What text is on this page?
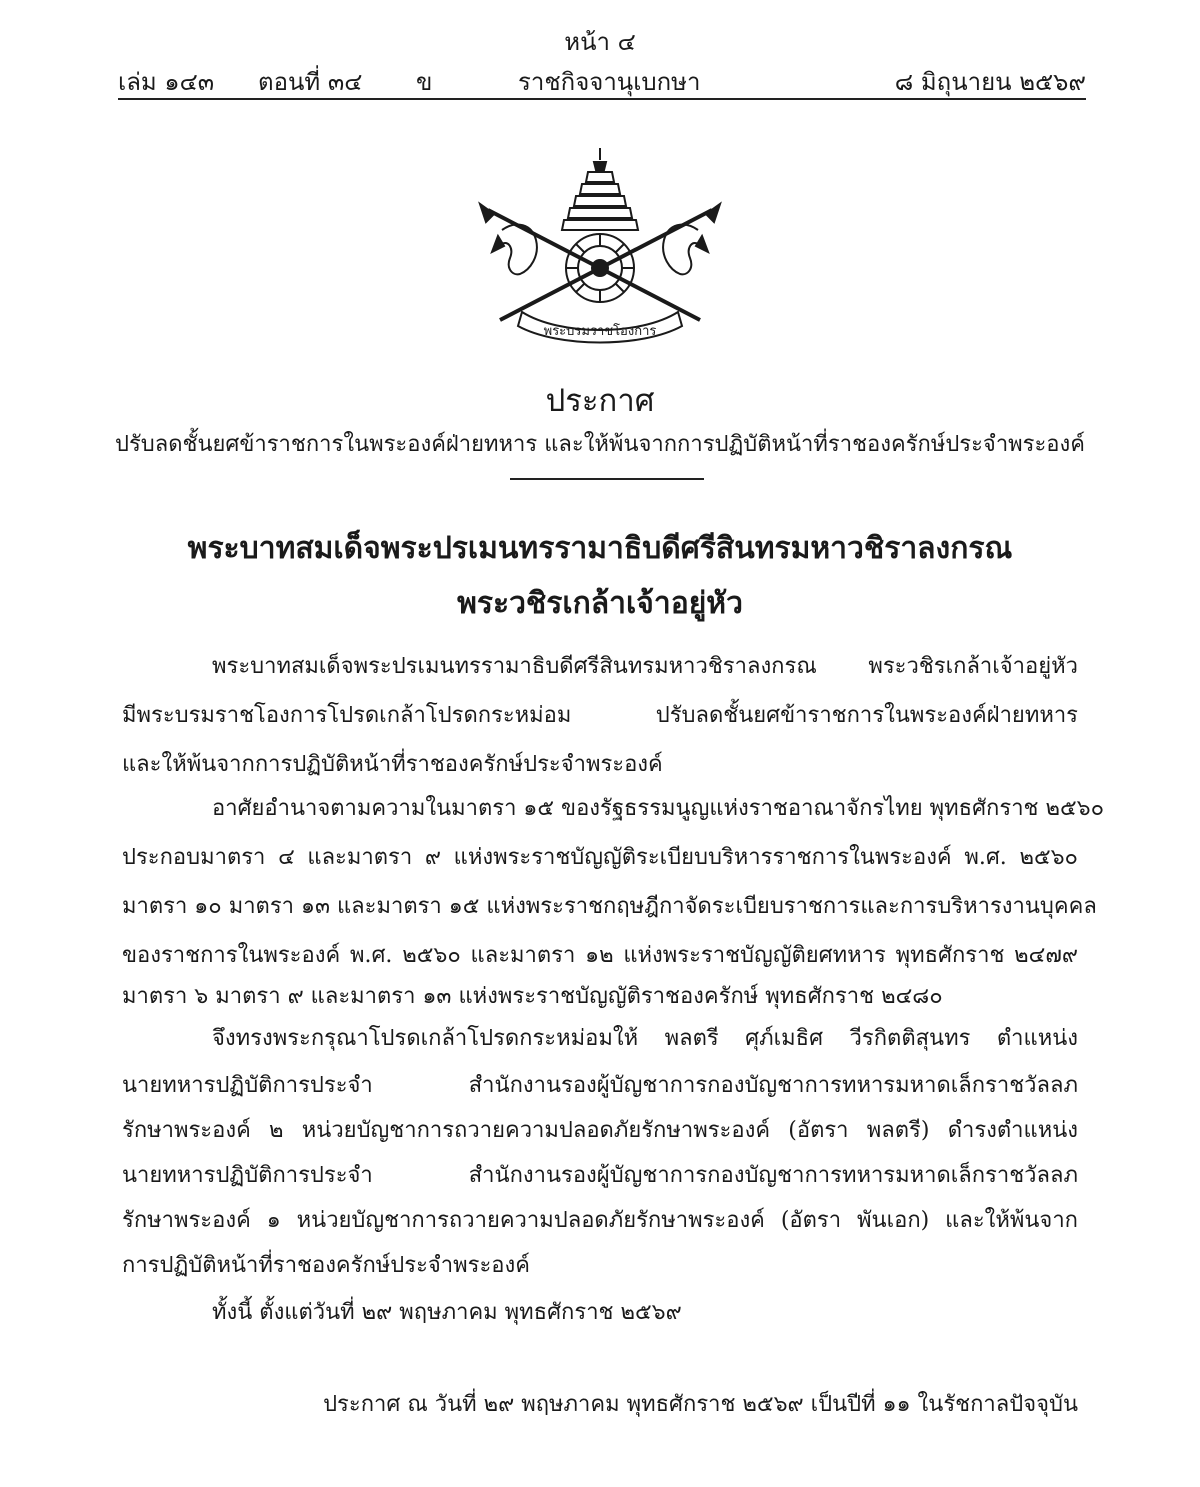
หน้า ๔
เล่ม ๑๔๓ ตอนที่ ๓๔ ข	ราชกิจจานุเบกษา	๘ มิถุนายน ๒๕๖๙
พระบรมราชโองการ
ประกาศ
ปรับลดชั้นยศข้าราชการในพระองค์ฝ่ายทหาร และให้พ้นจากการปฏิบัติหน้าที่ราชองครักษ์ประจำพระองค์
พระบาทสมเด็จพระปรเมนทรรามาธิบดีศรีสินทรมหาวชิราลงกรณ
พระวชิรเกล้าเจ้าอยู่หัว
พระบาทสมเด็จพระปรเมนทรรามาธิบดีศรีสินทรมหาวชิราลงกรณ พระวชิรเกล้าเจ้าอยู่หัว
มีพระบรมราชโองการโปรดเกล้าโปรดกระหม่อม ปรับลดชั้นยศข้าราชการในพระองค์ฝ่ายทหาร
และให้พ้นจากการปฏิบัติหน้าที่ราชองครักษ์ประจำพระองค์
อาศัยอำนาจตามความในมาตรา ๑๕ ของรัฐธรรมนูญแห่งราชอาณาจักรไทย พุทธศักราช ๒๕๖๐
ประกอบมาตรา ๔ และมาตรา ๙ แห่งพระราชบัญญัติระเบียบบริหารราชการในพระองค์ พ.ศ. ๒๕๖๐
มาตรา ๑๐ มาตรา ๑๓ และมาตรา ๑๕ แห่งพระราชกฤษฎีกาจัดระเบียบราชการและการบริหารงานบุคคล
ของราชการในพระองค์ พ.ศ. ๒๕๖๐ และมาตรา ๑๒ แห่งพระราชบัญญัติยศทหาร พุทธศักราช ๒๔๗๙
มาตรา ๖ มาตรา ๙ และมาตรา ๑๓ แห่งพระราชบัญญัติราชองครักษ์ พุทธศักราช ๒๔๘๐
จึงทรงพระกรุณาโปรดเกล้าโปรดกระหม่อมให้ พลตรี ศุภ์เมธิศ วีรกิตติสุนทร ตำแหน่ง
นายทหารปฏิบัติการประจำ สำนักงานรองผู้บัญชาการกองบัญชาการทหารมหาดเล็กราชวัลลภ
รักษาพระองค์ ๒ หน่วยบัญชาการถวายความปลอดภัยรักษาพระองค์ (อัตรา พลตรี) ดำรงตำแหน่ง
นายทหารปฏิบัติการประจำ สำนักงานรองผู้บัญชาการกองบัญชาการทหารมหาดเล็กราชวัลลภ
รักษาพระองค์ ๑ หน่วยบัญชาการถวายความปลอดภัยรักษาพระองค์ (อัตรา พันเอก) และให้พ้นจาก
การปฏิบัติหน้าที่ราชองครักษ์ประจำพระองค์
ทั้งนี้ ตั้งแต่วันที่ ๒๙ พฤษภาคม พุทธศักราช ๒๕๖๙
ประกาศ ณ วันที่ ๒๙ พฤษภาคม พุทธศักราช ๒๕๖๙ เป็นปีที่ ๑๑ ในรัชกาลปัจจุบัน
